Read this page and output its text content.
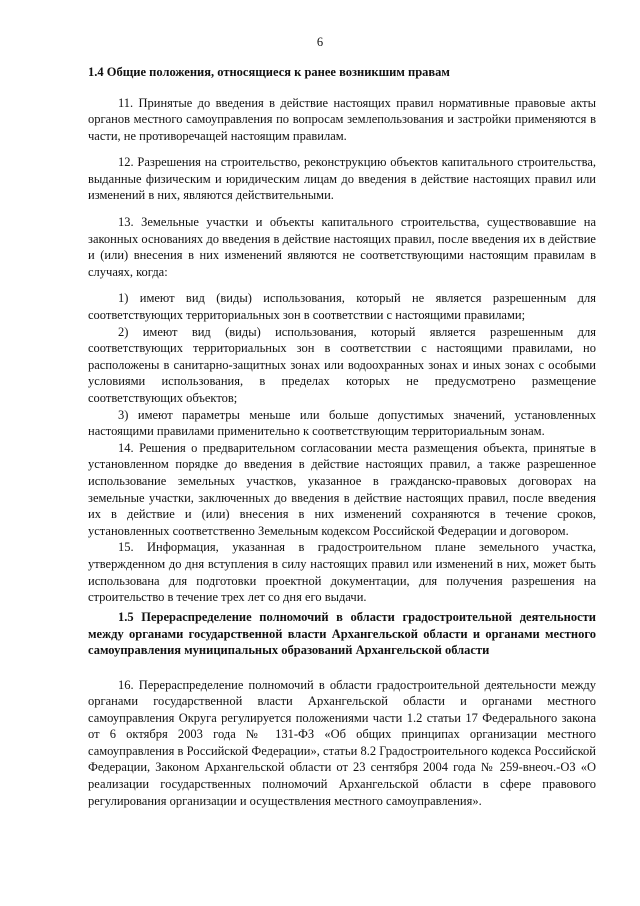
6
1.4 Общие положения, относящиеся к ранее возникшим правам

11. Принятые до введения в действие настоящих правил нормативные правовые акты органов местного самоуправления по вопросам землепользования и застройки применяются в части, не противоречащей настоящим правилам.

12. Разрешения на строительство, реконструкцию объектов капитального строительства, выданные физическим и юридическим лицам до введения в действие настоящих правил или изменений в них, являются действительными.

13. Земельные участки и объекты капитального строительства, существовавшие на законных основаниях до введения в действие настоящих правил, после введения их в действие и (или) внесения в них изменений являются не соответствующими настоящим правилам в случаях, когда:

1) имеют вид (виды) использования, который не является разрешенным для соответствующих территориальных зон в соответствии с настоящими правилами;

2) имеют вид (виды) использования, который является разрешенным для соответствующих территориальных зон в соответствии с настоящими правилами, но расположены в санитарно-защитных зонах или водоохранных зонах и иных зонах с особыми условиями использования, в пределах которых не предусмотрено размещение соответствующих объектов;

3) имеют параметры меньше или больше допустимых значений, установленных настоящими правилами применительно к соответствующим территориальным зонам.

14. Решения о предварительном согласовании места размещения объекта, принятые в установленном порядке до введения в действие настоящих правил, а также разрешенное использование земельных участков, указанное в гражданско-правовых договорах на земельные участки, заключенных до введения в действие настоящих правил, после введения их в действие и (или) внесения в них изменений сохраняются в течение сроков, установленных соответственно Земельным кодексом Российской Федерации и договором.

15. Информация, указанная в градостроительном плане земельного участка, утвержденном до дня вступления в силу настоящих правил или изменений в них, может быть использована для подготовки проектной документации, для получения разрешения на строительство в течение трех лет со дня его выдачи.

1.5 Перераспределение полномочий в области градостроительной деятельности между органами государственной власти Архангельской области и органами местного самоуправления муниципальных образований Архангельской области

16. Перераспределение полномочий в области градостроительной деятельности между органами государственной власти Архангельской области и органами местного самоуправления Округа регулируется положениями части 1.2 статьи 17 Федерального закона от 6 октября 2003 года № 131-ФЗ «Об общих принципах организации местного самоуправления в Российской Федерации», статьи 8.2 Градостроительного кодекса Российской Федерации, Законом Архангельской области от 23 сентября 2004 года № 259-внеоч.-ОЗ «О реализации государственных полномочий Архангельской области в сфере правового регулирования организации и осуществления местного самоуправления».
